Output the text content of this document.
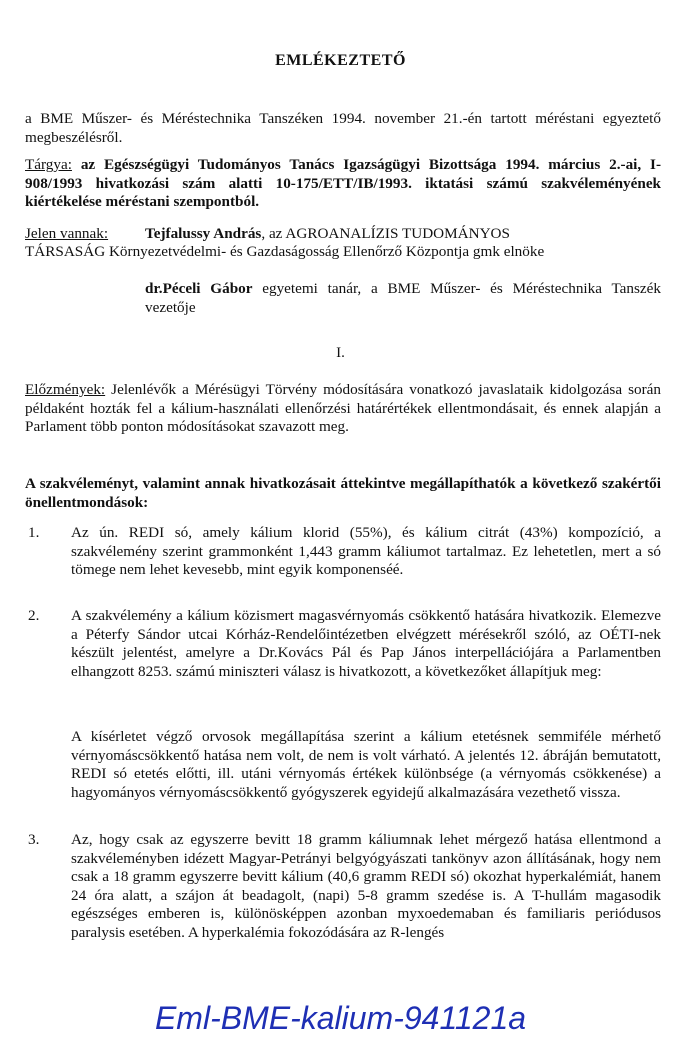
EMLÉKEZTETŐ
a BME Műszer- és Méréstechnika Tanszéken 1994. november 21.-én tartott méréstani egyeztető megbeszélésről.
Tárgya: az Egészségügyi Tudományos Tanács Igazságügyi Bizottsága 1994. március 2.-ai, I-908/1993 hivatkozási szám alatti 10-175/ETT/IB/1993. iktatási számú szakvéleményének kiértékelése méréstani szempontból.
Jelen vannak:	Tejfalussy András, az AGROANALÍZIS TUDOMÁNYOS
TÁRSASÁG Környezetvédelmi- és Gazdaságosság Ellenőrző Központja gmk elnöke
dr.Péceli Gábor egyetemi tanár, a BME Műszer- és Méréstechnika Tanszék vezetője
I.
Előzmények: Jelenlévők a Mérésügyi Törvény módosítására vonatkozó javaslataik kidolgozása során példaként hozták fel a kálium-használati ellenőrzési határértékek ellentmondásait, és ennek alapján a Parlament több ponton módosításokat szavazott meg.
A szakvéleményt, valamint annak hivatkozásait áttekintve megállapíthatók a következő szakértői önellentmondások:
1. Az ún. REDI só, amely kálium klorid (55%), és kálium citrát (43%) kompozíció, a szakvélemény szerint grammonként 1,443 gramm káliumot tartalmaz. Ez lehetetlen, mert a só tömege nem lehet kevesebb, mint egyik komponenséé.
2. A szakvélemény a kálium közismert magasvérnyomás csökkentő hatására hivatkozik. Elemezve a Péterfy Sándor utcai Kórház-Rendelőintézetben elvégzett mérésekről szóló, az OÉTI-nek készült jelentést, amelyre a Dr.Kovács Pál és Pap János interpellációjára a Parlamentben elhangzott 8253. számú miniszteri válasz is hivatkozott, a következőket állapítjuk meg:
A kísérletet végző orvosok megállapítása szerint a kálium etetésnek semmiféle mérhető vérnyomáscsökkentő hatása nem volt, de nem is volt várható. A jelentés 12. ábráján bemutatott, REDI só etetés előtti, ill. utáni vérnyomás értékek különbsége (a vérnyomás csökkenése) a hagyományos vérnyomáscsökkentő gyógyszerek egyidejű alkalmazására vezethető vissza.
3. Az, hogy csak az egyszerre bevitt 18 gramm káliumnak lehet mérgező hatása ellentmond a szakvéleményben idézett Magyar-Petrányi belgyógyászati tankönyv azon állításának, hogy nem csak a 18 gramm egyszerre bevitt kálium (40,6 gramm REDI só) okozhat hyperkalémiát, hanem 24 óra alatt, a szájon át beadagolt, (napi) 5-8 gramm szedése is. A T-hullám magasodik egészséges emberen is, különösképpen azonban myxoedemaban és familiaris periódusos paralysis esetében. A hyperkalémia fokozódására az R-lengés
Eml-BME-kalium-941121a
